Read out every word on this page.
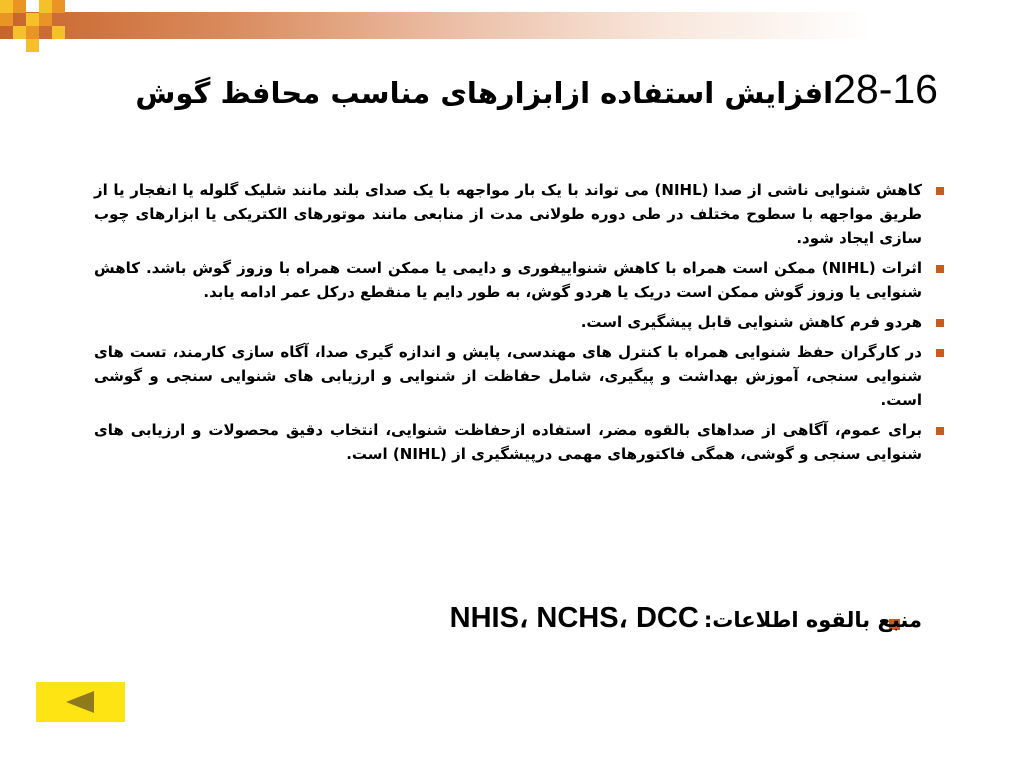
28-16افزایش استفاده ازابزارهای مناسب محافظ گوش
کاهش شنوایی ناشی از صدا (NIHL) می تواند با یک بار مواجهه با یک صدای بلند مانند شلیک گلوله یا انفجار یا از طریق مواجهه با سطوح مختلف در طی دوره طولانی مدت از منابعی مانند موتورهای الکتریکی یا ابزارهای چوب سازی ایجاد شود.
اثرات (NIHL) ممکن است همراه با کاهش شنواییفوری و دایمی یا ممکن است همراه با وزوز گوش باشد. کاهش شنوایی یا وزوز گوش ممکن است دریک یا هردو گوش، به طور دایم یا منقطع درکل عمر ادامه یابد.
هردو فرم کاهش شنوایی قابل پیشگیری است.
در کارگران حفظ شنوایی همراه با کنترل های مهندسی، پایش و اندازه گیری صدا، آگاه سازی کارمند، تست های شنوایی سنجی، آموزش بهداشت و پیگیری، شامل حفاظت از شنوایی و ارزیابی های شنوایی سنجی و گوشی است.
برای عموم، آگاهی از صداهای بالقوه مضر، استفاده ازحفاظت شنوایی، انتخاب دقیق محصولات و ارزیابی های شنوایی سنجی و گوشی، همگی فاکتورهای مهمی درپیشگیری از (NIHL) است.
منبع بالقوه اطلاعات: NHIS، NCHS، DCC
